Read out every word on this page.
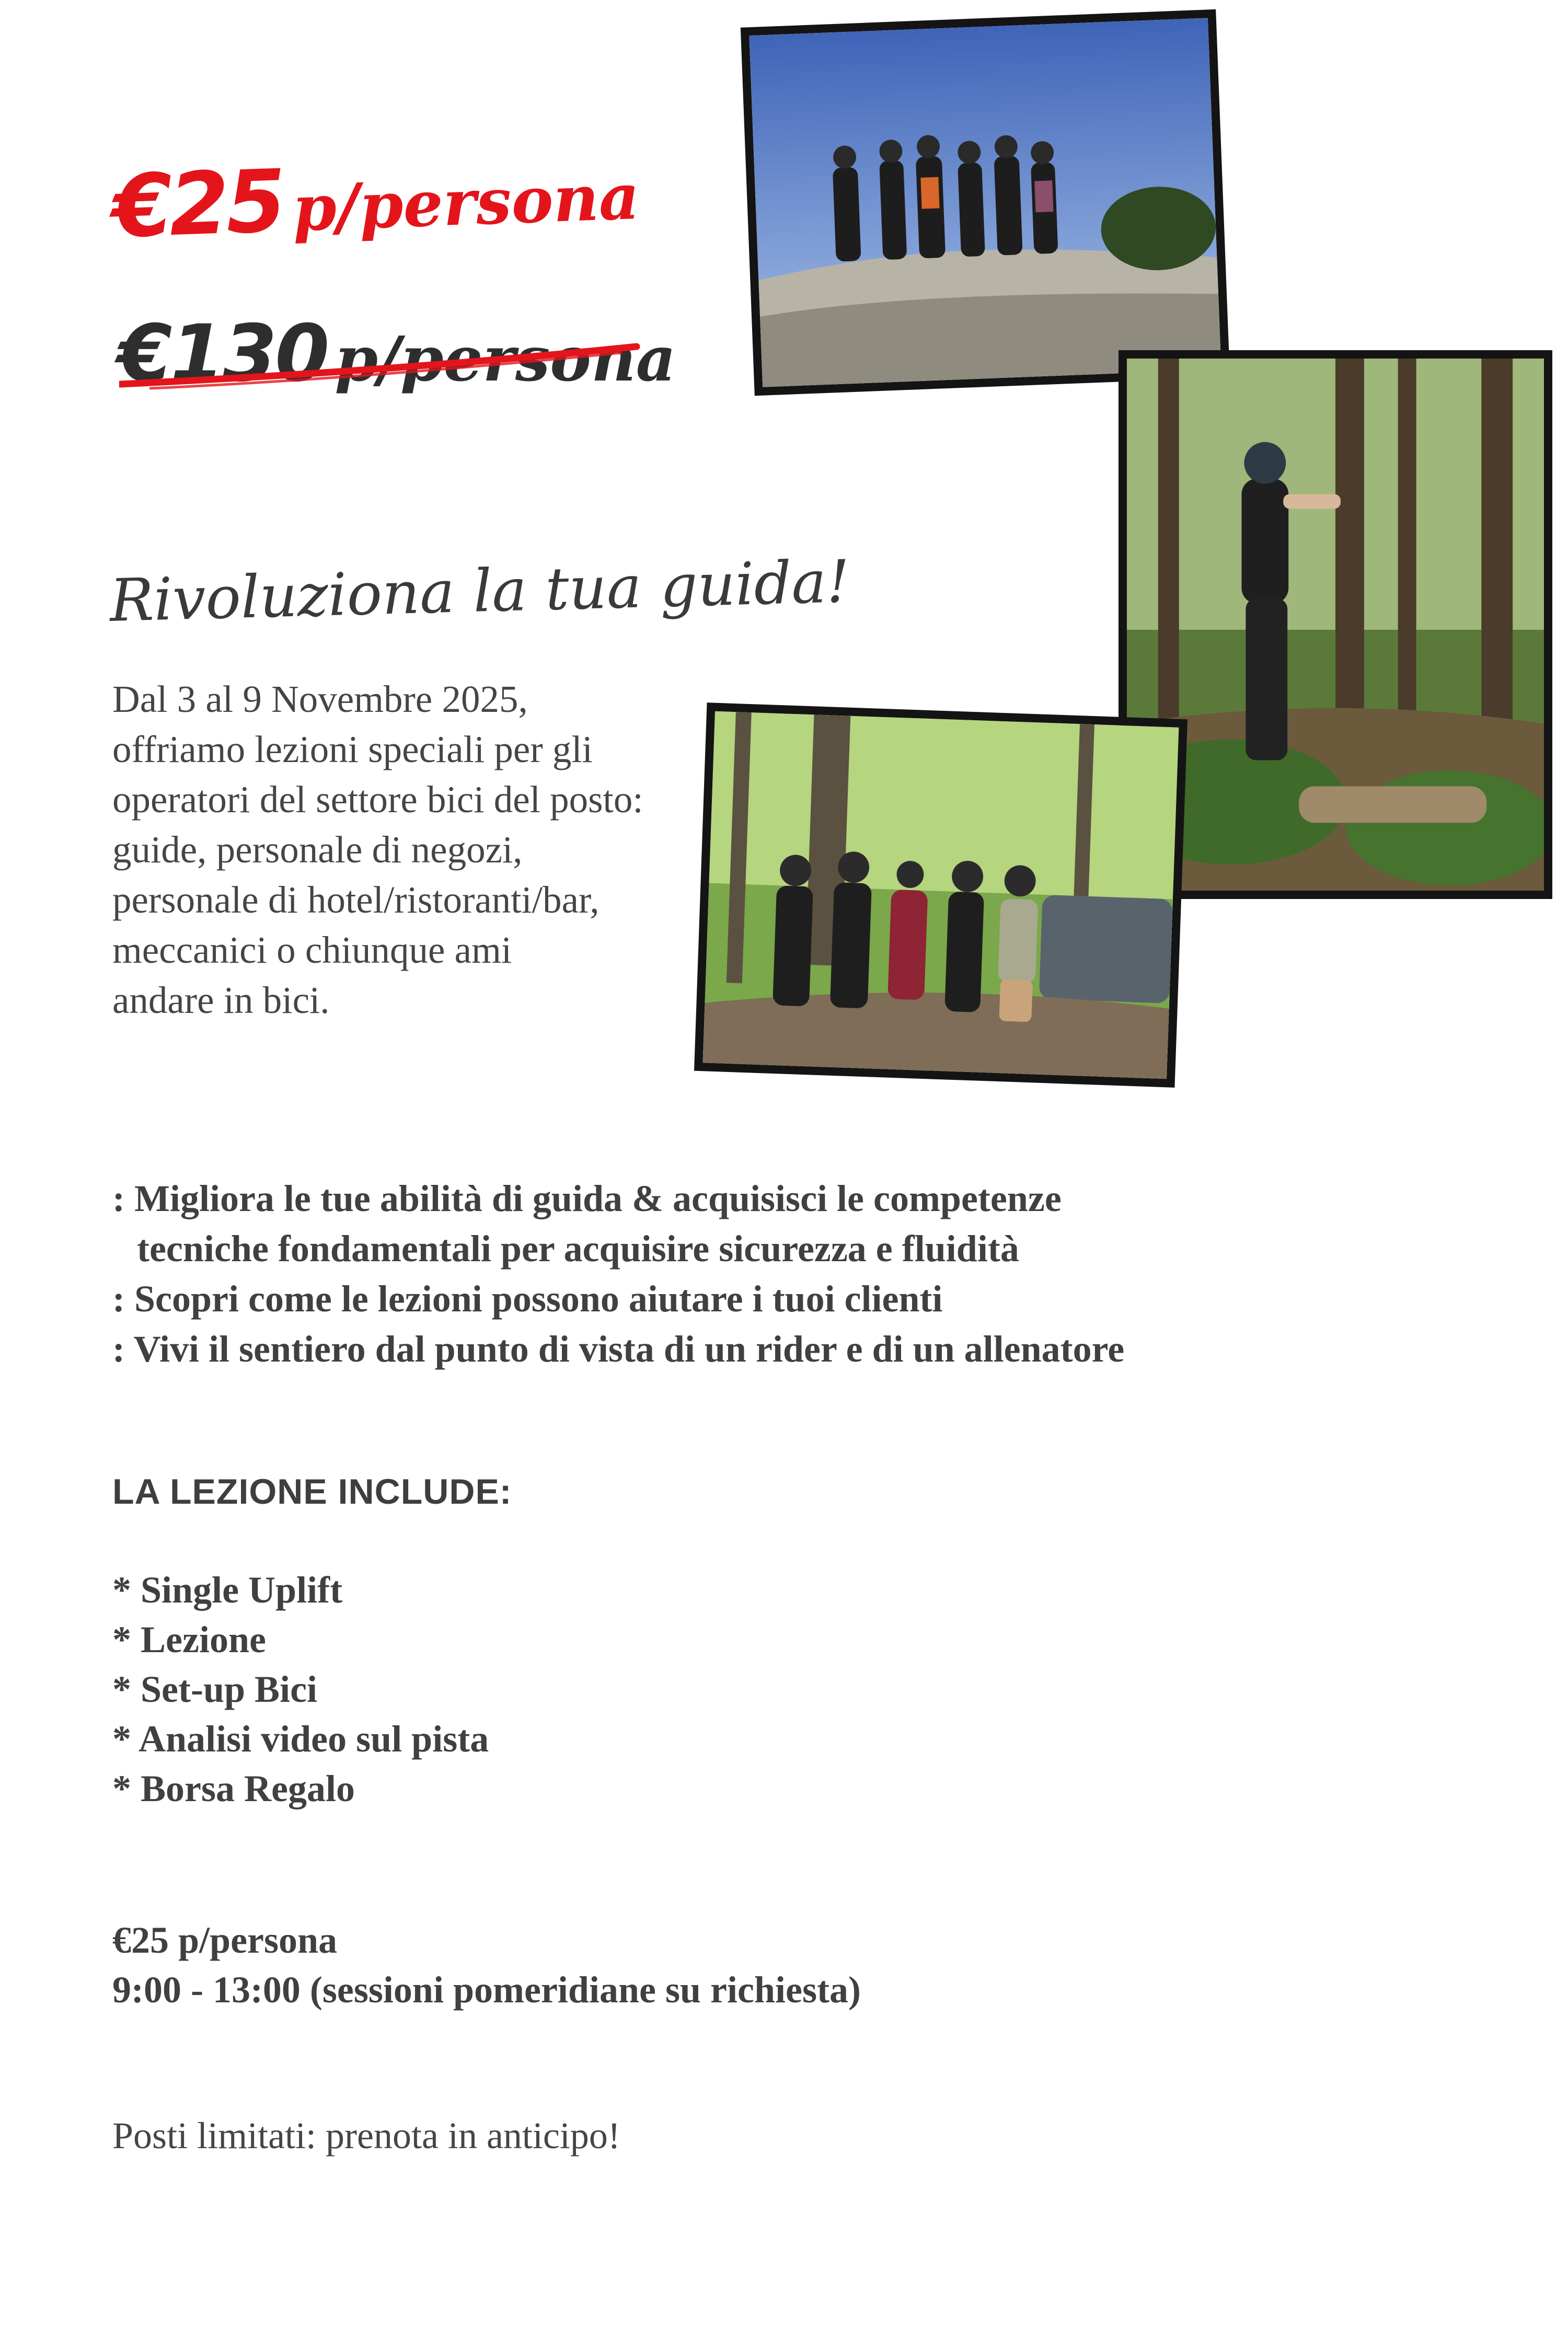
€25 p/persona
€130 p/persona
Rivoluziona la tua guida!
Dal 3 al 9 Novembre 2025,
offriamo lezioni speciali per gli
operatori del settore bici del posto:
guide, personale di negozi,
personale di hotel/ristoranti/bar,
meccanici o chiunque ami
andare in bici.
: Migliora le tue abilità di guida & acquisisci le competenze
tecniche fondamentali per acquisire sicurezza e fluidità
: Scopri come le lezioni possono aiutare i tuoi clienti
: Vivi il sentiero dal punto di vista di un rider e di un allenatore
LA LEZIONE INCLUDE:
* Single Uplift
* Lezione
* Set-up Bici
* Analisi video sul pista
* Borsa Regalo
€25 p/persona
9:00 - 13:00 (sessioni pomeridiane su richiesta)
Posti limitati: prenota in anticipo!
